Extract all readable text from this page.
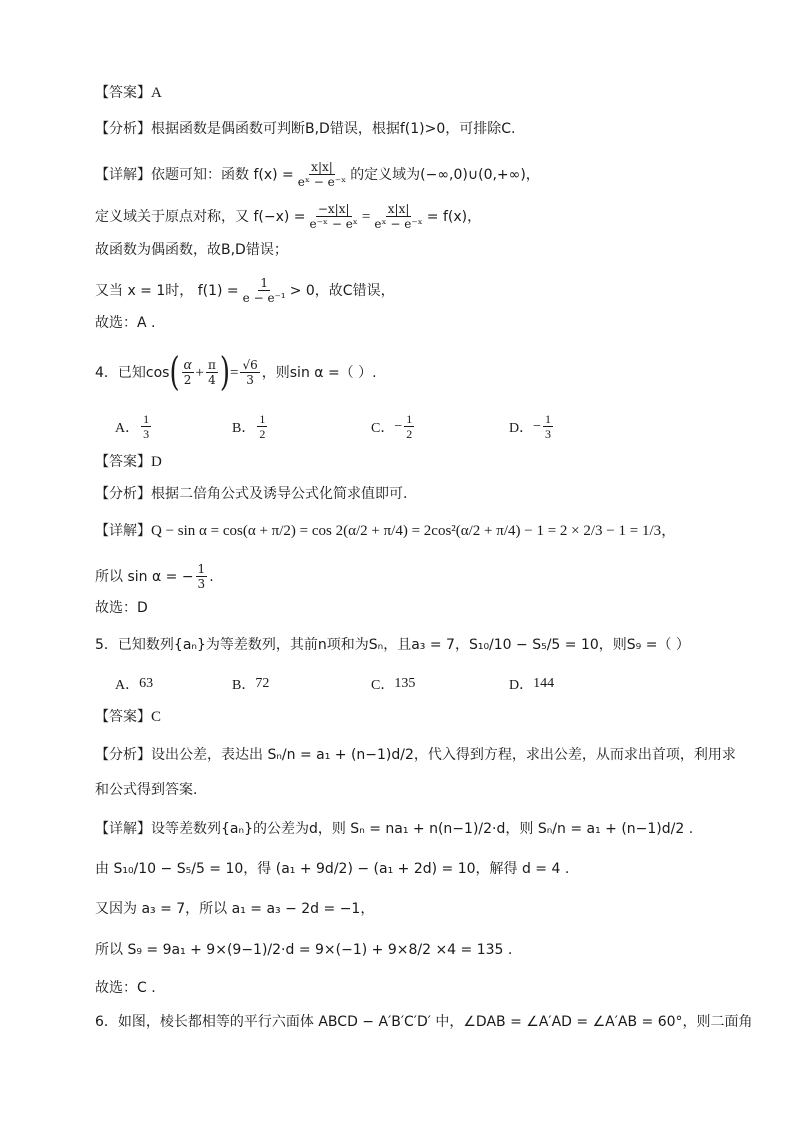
【答案】 A
【分析】 根据函数是偶函数可判断B,D错误，根据f(1)>0，可排除C.
【详解】 依题可知：函数 $f(x) = \frac{x|x|}{\text{eˣ − e⁻ˣ}}$ 的定义域为(−∞,0)∪(0,+∞)，
定义域关于原点对称，又 $f(-x) = \frac{-x|x|}{\text{e⁻ˣ − eˣ}} = \frac{x|x|}{\text{eˣ − e⁻ˣ}} = f(x)$，
故函数为偶函数，故B,D错误；
又当 x = 1时， $f(1) = \frac{1}{\text{e − e⁻¹}} > 0$，故C错误，
故选：A .
4．已知cos ( $\frac{\alpha}{2} + \frac{\pi}{4}$ ) = $\frac{√6}{3}$ ，则sin α =（ ）.
A． $\frac{1}{3}$	B． $\frac{1}{2}$	C． − $\frac{1}{2}$	D． − $\frac{1}{3}$
【答案】 D
【分析】 根据二倍角公式及诱导公式化简求值即可.
【详解】 Q − sin α = cos(α + π/2) = cos 2(α/2 + π/4) = 2cos²(α/2 + π/4) − 1 = 2 × 2/3 − 1 = 1/3，
所以 sin α = − $\frac{1}{3}$ .
故选：D
5．已知数列{aₙ}为等差数列，其前n项和为Sₙ，且a₃ = 7，S₁₀/10 − S₅/5 = 10，则S₉ =（ ）
A． 63	B． 72	C． 135	D． 144
【答案】 C
【分析】 设出公差，表达出 Sₙ/n = a₁ + (n−1)d/2，代入得到方程，求出公差，从而求出首项，利用求
和公式得到答案.
【详解】 设等差数列{aₙ}的公差为d，则 Sₙ = na₁ + n(n−1)/2·d，则 Sₙ/n = a₁ + (n−1)d/2 .
由 S₁₀/10 − S₅/5 = 10，得 (a₁ + 9d/2) − (a₁ + 2d) = 10，解得 d = 4 .
又因为 a₃ = 7，所以 a₁ = a₃ − 2d = −1，
所以 S₉ = 9a₁ + 9×(9−1)/2·d = 9×(−1) + 9×8/2 ×4 = 135 .
故选：C .
6．如图，棱长都相等的平行六面体 ABCD − A′B′C′D′ 中，∠DAB = ∠A′AD = ∠A′AB = 60°，则二面角
